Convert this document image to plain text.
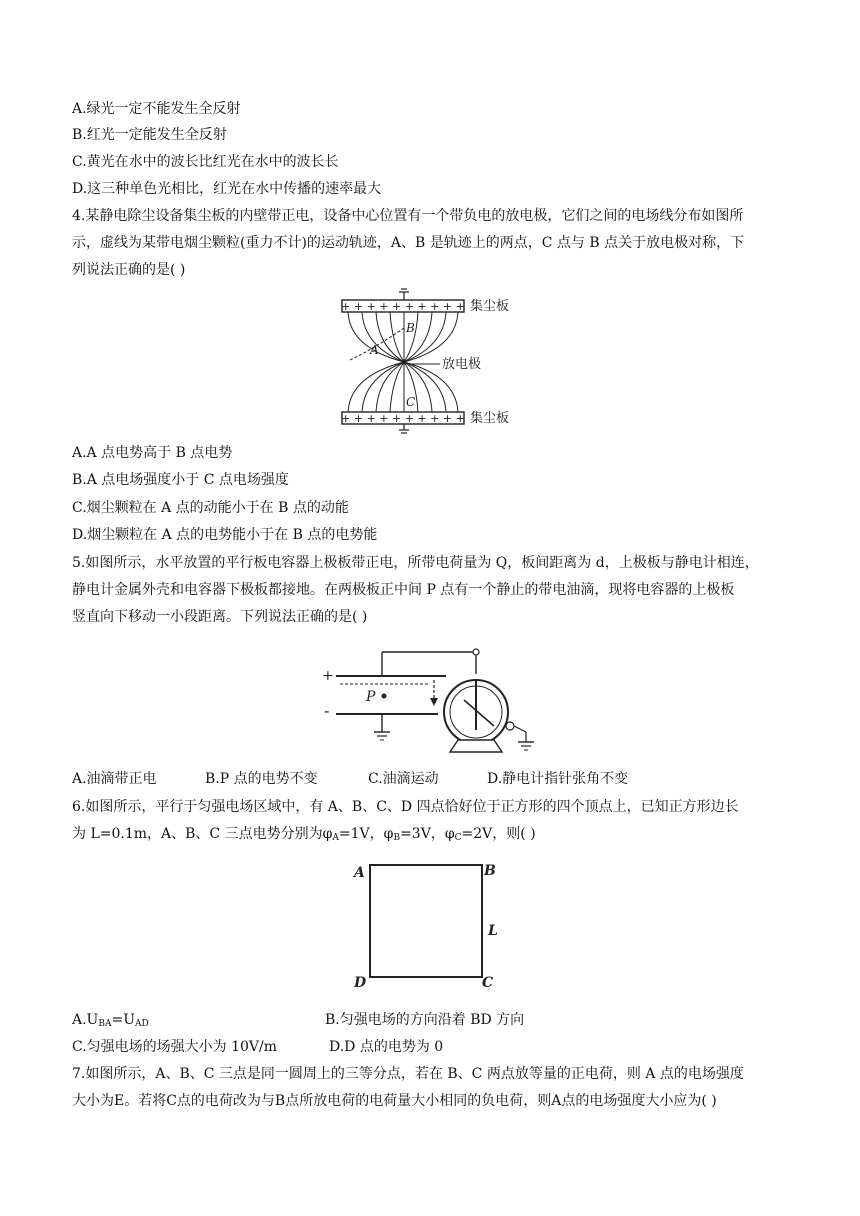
A.绿光一定不能发生全反射
B.红光一定能发生全反射
C.黄光在水中的波长比红光在水中的波长长
D.这三种单色光相比，红光在水中传播的速率最大
4.某静电除尘设备集尘板的内壁带正电，设备中心位置有一个带负电的放电极，它们之间的电场线分布如图所
示，虚线为某带电烟尘颗粒(重力不计)的运动轨迹，A、B 是轨迹上的两点，C 点与 B 点关于放电极对称，下
列说法正确的是( )
+ + + + + + + + + +
+ + + + + + + + + +
A
B
C
集尘板
放电极
集尘板
A.A 点电势高于 B 点电势
B.A 点电场强度小于 C 点电场强度
C.烟尘颗粒在 A 点的动能小于在 B 点的动能
D.烟尘颗粒在 A 点的电势能小于在 B 点的电势能
5.如图所示，水平放置的平行板电容器上极板带正电，所带电荷量为 Q，板间距离为 d，上极板与静电计相连，
静电计金属外壳和电容器下极板都接地。在两极板正中间 P 点有一个静止的带电油滴，现将电容器的上极板
竖直向下移动一小段距离。下列说法正确的是( )
+
-
P
A.油滴带正电	B.P 点的电势不变	C.油滴运动	D.静电计指针张角不变
6.如图所示，平行于匀强电场区域中，有 A、B、C、D 四点恰好位于正方形的四个顶点上，已知正方形边长
为 L=0.1m，A、B、C 三点电势分别为$\varphi_A=1V$，$\varphi_B=3V$，$\varphi_C=2V$，则( )
A	B
C
D
L
$A.U_{BA}=U_{AD}$	B.匀强电场的方向沿着 BD 方向
C.匀强电场的场强大小为 10V/m	D.D 点的电势为 0
7.如图所示，A、B、C 三点是同一圆周上的三等分点，若在 B、C 两点放等量的正电荷，则 A 点的电场强度
大小为E。若将C点的电荷改为与B点所放电荷的电荷量大小相同的负电荷，则A点的电场强度大小应为( )
